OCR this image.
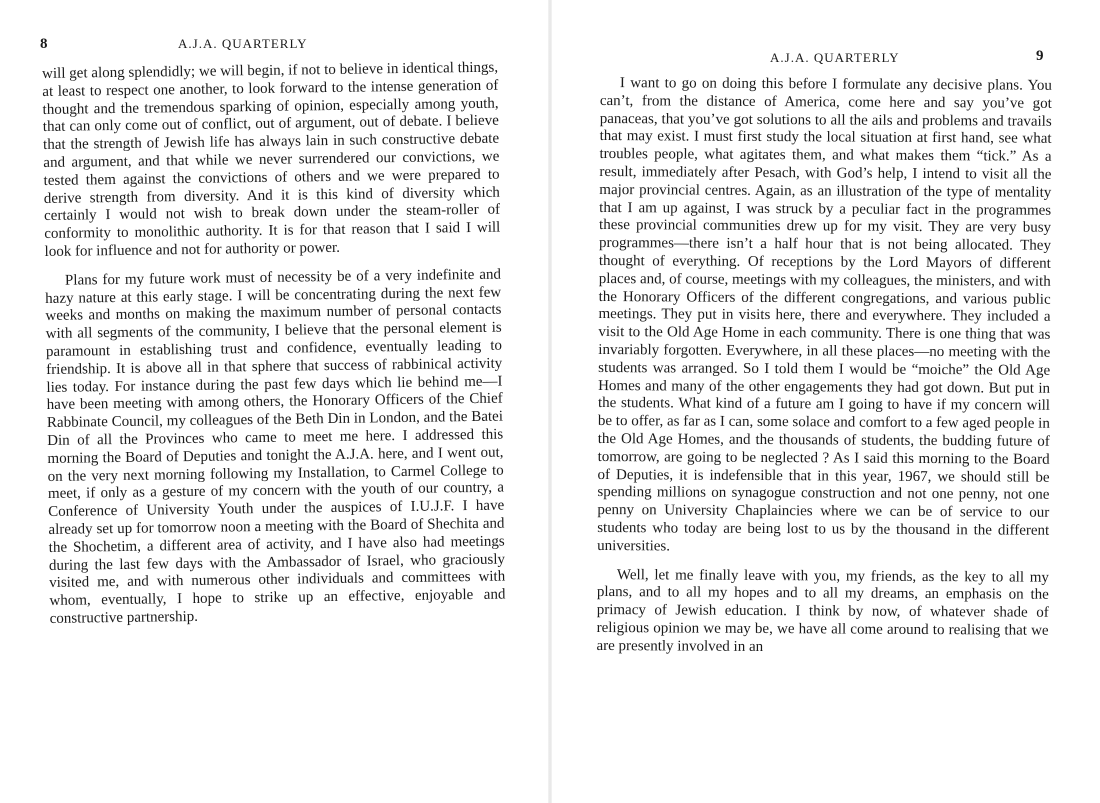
8	A.J.A. QUARTERLY

will get along splendidly; we will begin, if not to believe in identical things, at least to respect one another, to look forward to the intense generation of thought and the tremendous sparking of opinion, especially among youth, that can only come out of conflict, out of argument, out of debate. I believe that the strength of Jewish life has always lain in such constructive debate and argument, and that while we never surrendered our convictions, we tested them against the convictions of others and we were prepared to derive strength from diversity. And it is this kind of diversity which certainly I would not wish to break down under the steam-roller of conformity to monolithic authority. It is for that reason that I said I will look for influence and not for authority or power.

Plans for my future work must of necessity be of a very indefinite and hazy nature at this early stage. I will be concentrating during the next few weeks and months on making the maximum number of personal contacts with all segments of the community, I believe that the personal element is paramount in establishing trust and confidence, eventually leading to friendship. It is above all in that sphere that success of rabbinical activity lies today. For instance during the past few days which lie behind me—I have been meeting with among others, the Honorary Officers of the Chief Rabbinate Council, my colleagues of the Beth Din in London, and the Batei Din of all the Provinces who came to meet me here. I addressed this morning the Board of Deputies and tonight the A.J.A. here, and I went out, on the very next morning following my Installation, to Carmel College to meet, if only as a gesture of my concern with the youth of our country, a Conference of University Youth under the auspices of I.U.J.F. I have already set up for tomorrow noon a meeting with the Board of Shechita and the Shochetim, a different area of activity, and I have also had meetings during the last few days with the Ambassador of Israel, who graciously visited me, and with numerous other individuals and committees with whom, eventually, I hope to strike up an effective, enjoyable and constructive partnership.

A.J.A. QUARTERLY	9

I want to go on doing this before I formulate any decisive plans. You can’t, from the distance of America, come here and say you’ve got panaceas, that you’ve got solutions to all the ails and problems and travails that may exist. I must first study the local situation at first hand, see what troubles people, what agitates them, and what makes them “tick.” As a result, immediately after Pesach, with God’s help, I intend to visit all the major provincial centres. Again, as an illustration of the type of mentality that I am up against, I was struck by a peculiar fact in the programmes these provincial communities drew up for my visit. They are very busy programmes—there isn’t a half hour that is not being allocated. They thought of everything. Of receptions by the Lord Mayors of different places and, of course, meetings with my colleagues, the ministers, and with the Honorary Officers of the different congregations, and various public meetings. They put in visits here, there and everywhere. They included a visit to the Old Age Home in each community. There is one thing that was invariably forgotten. Everywhere, in all these places—no meeting with the students was arranged. So I told them I would be “moiche” the Old Age Homes and many of the other engagements they had got down. But put in the students. What kind of a future am I going to have if my concern will be to offer, as far as I can, some solace and comfort to a few aged people in the Old Age Homes, and the thousands of students, the budding future of tomorrow, are going to be neglected ? As I said this morning to the Board of Deputies, it is indefensible that in this year, 1967, we should still be spending millions on synagogue construction and not one penny, not one penny on University Chaplaincies where we can be of service to our students who today are being lost to us by the thousand in the different universities.

Well, let me finally leave with you, my friends, as the key to all my plans, and to all my hopes and to all my dreams, an emphasis on the primacy of Jewish education. I think by now, of whatever shade of religious opinion we may be, we have all come around to realising that we are presently involved in an
